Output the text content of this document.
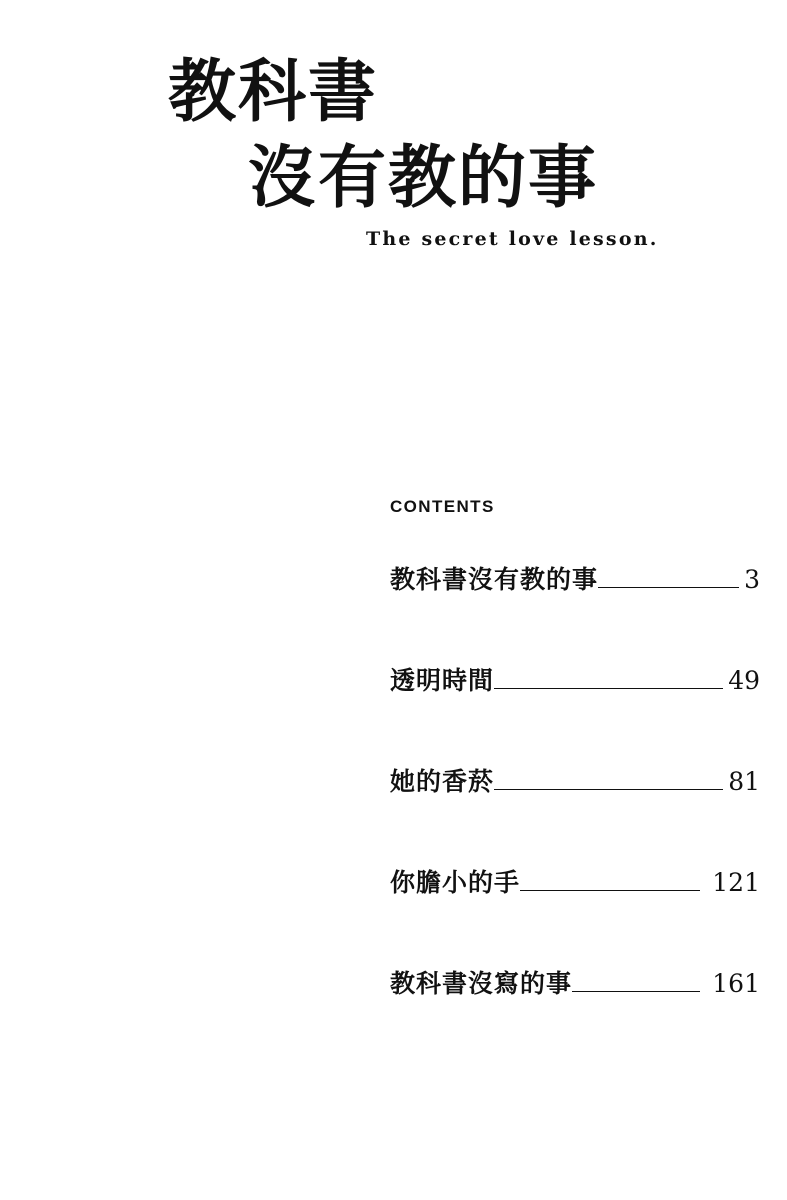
教科書
沒有教的事
The secret love lesson.
CONTENTS
教科書沒有教的事	3
透明時間	49
她的香菸	81
你膽小的手	121
教科書沒寫的事	161
